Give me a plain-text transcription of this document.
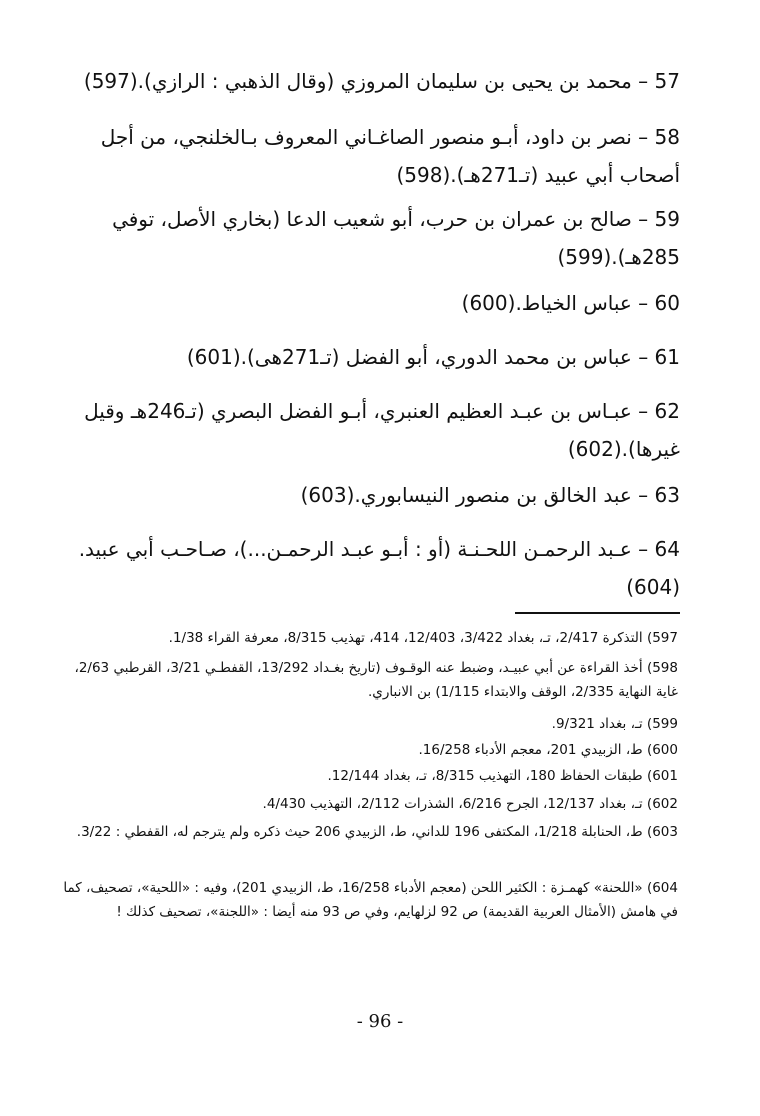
57 – محمد بن يحيى بن سليمان المروزي (وقال الذهبي : الرازي).(597)

58 – نصر بن داود، أبـو منصور الصاغـاني المعروف بـالخلنجي، من أجل أصحاب أبي عبيد (تـ271هـ).(598)

59 – صالح بن عمران بن حرب، أبو شعيب الدعا (بخاري الأصل، توفي 285هـ).(599)

60 – عباس الخياط.(600)

61 – عباس بن محمد الدوري، أبو الفضل (تـ271هى).(601)

62 – عبـاس بن عبـد العظيم العنبري، أبـو الفضل البصري (تـ246هـ وقيل غيرها).(602)

63 – عبد الخالق بن منصور النيسابوري.(603)

64 – عـبد الرحمـن اللحـنـة (أو : أبـو عبـد الرحمـن...)، صـاحـب أبي عبيد.(604)

597) التذكرة 2/417، تـ، بغداد 3/422، 12/403، 414، تهذيب 8/315، معرفة القراء 1/38.

598) أخذ القراءة عن أبي عبيـد، وضبط عنه الوقـوف (تاريخ بغـداد 13/292، القفطـي 3/21، القرطبي 2/63، غاية النهاية 2/335، الوقف والابتداء 1/115) بن الانباري.

599) تـ، بغداد 9/321.

600) ط، الزبيدي 201، معجم الأدباء 16/258.

601) طبقات الحفاظ 180، التهذيب 8/315، تـ، بغداد 12/144.

602) تـ، بغداد 12/137، الجرح 6/216، الشذرات 2/112، التهذيب 4/430.

603) ط، الحنابلة 1/218، المكتفى 196 للداني، ط، الزبيدي 206 حيث ذكره ولم يترجم له، القفطي : 3/22.

604) «اللحنة» كهمـزة : الكثير اللحن (معجم الأدباء 16/258، ط، الزبيدي 201)، وفيه : «اللحية»، تصحيف، كما في هامش (الأمثال العربية القديمة) ص 92 لزلهايم، وفي ص 93 منه أيضا : «اللجنة»، تصحيف كذلك !

- 96 -
